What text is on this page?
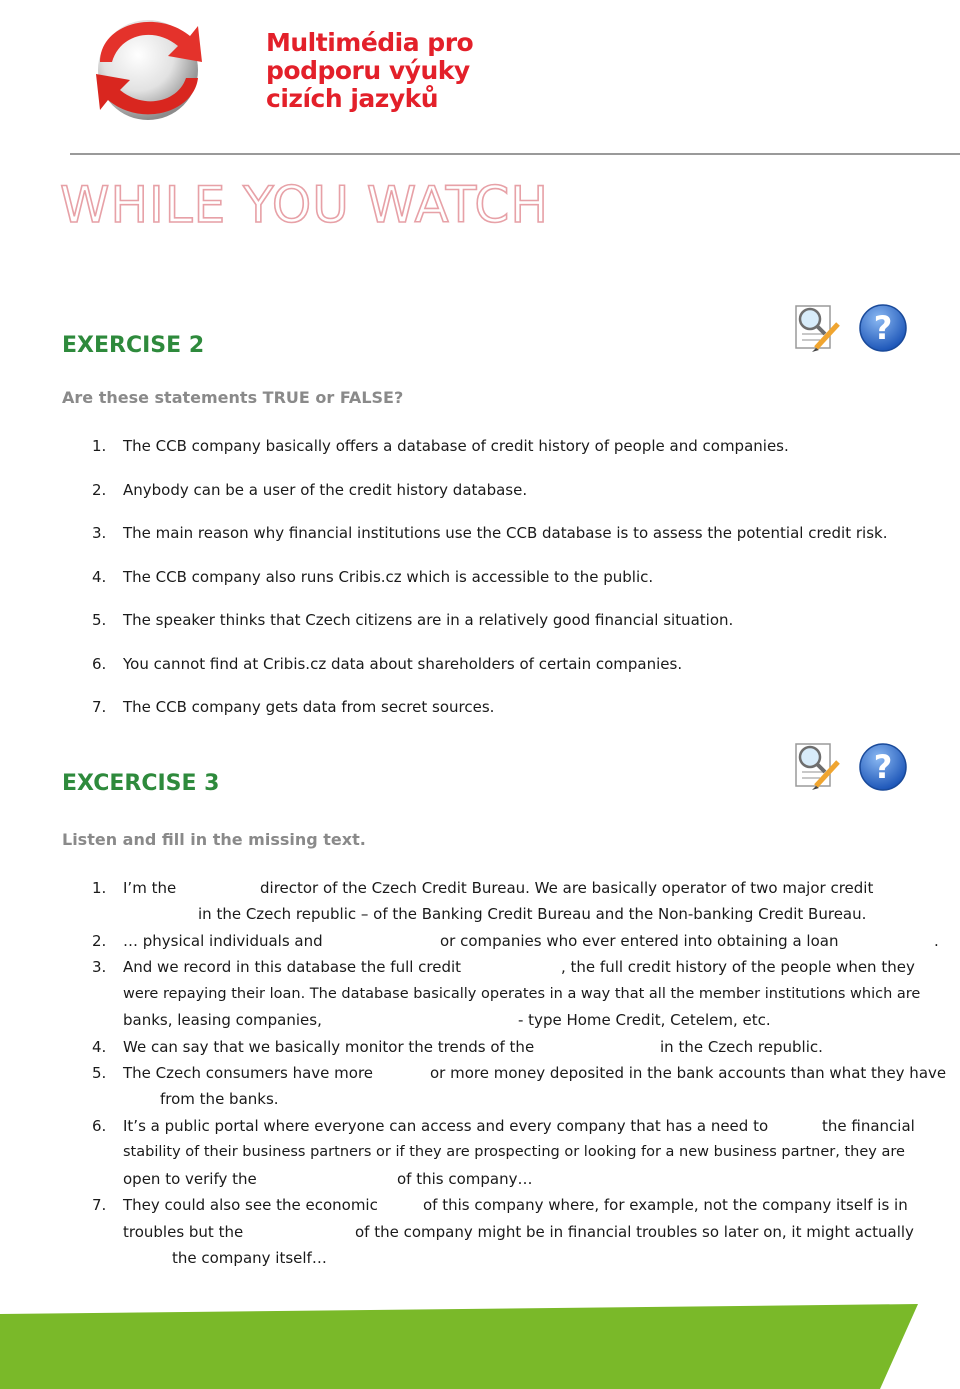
Multimédia pro
podporu výuky
cizích jazyků
WHILE YOU WATCH
?
EXERCISE 2

Are these statements TRUE or FALSE?

1. The CCB company basically offers a database of credit history of people and companies.
2. Anybody can be a user of the credit history database.
3. The main reason why financial institutions use the CCB database is to assess the potential credit risk.
4. The CCB company also runs Cribis.cz which is accessible to the public.
5. The speaker thinks that Czech citizens are in a relatively good financial situation.
6. You cannot find at Cribis.cz data about shareholders of certain companies.
7. The CCB company gets data from secret sources.
?
EXCERCISE 3

Listen and fill in the missing text.

1.
2.
3.
4.
5.
6.
7.
I’m the	director of the Czech Credit Bureau. We are basically operator of two major credit
in the Czech republic – of the Banking Credit Bureau and the Non-banking Credit Bureau.
… physical individuals and	or companies who ever entered into obtaining a loan	.
And we record in this database the full credit	, the full credit history of the people when they
were repaying their loan. The database basically operates in a way that all the member institutions which are
banks, leasing companies,	- type Home Credit, Cetelem, etc.
We can say that we basically monitor the trends of the	in the Czech republic.
The Czech consumers have more	or more money deposited in the bank accounts than what they have
from the banks.
It’s a public portal where everyone can access and every company that has a need to	the financial
stability of their business partners or if they are prospecting or looking for a new business partner, they are
open to verify the	of this company…
They could also see the economic	of this company where, for example, not the company itself is in
troubles but the	of the company might be in financial troubles so later on, it might actually
the company itself…
